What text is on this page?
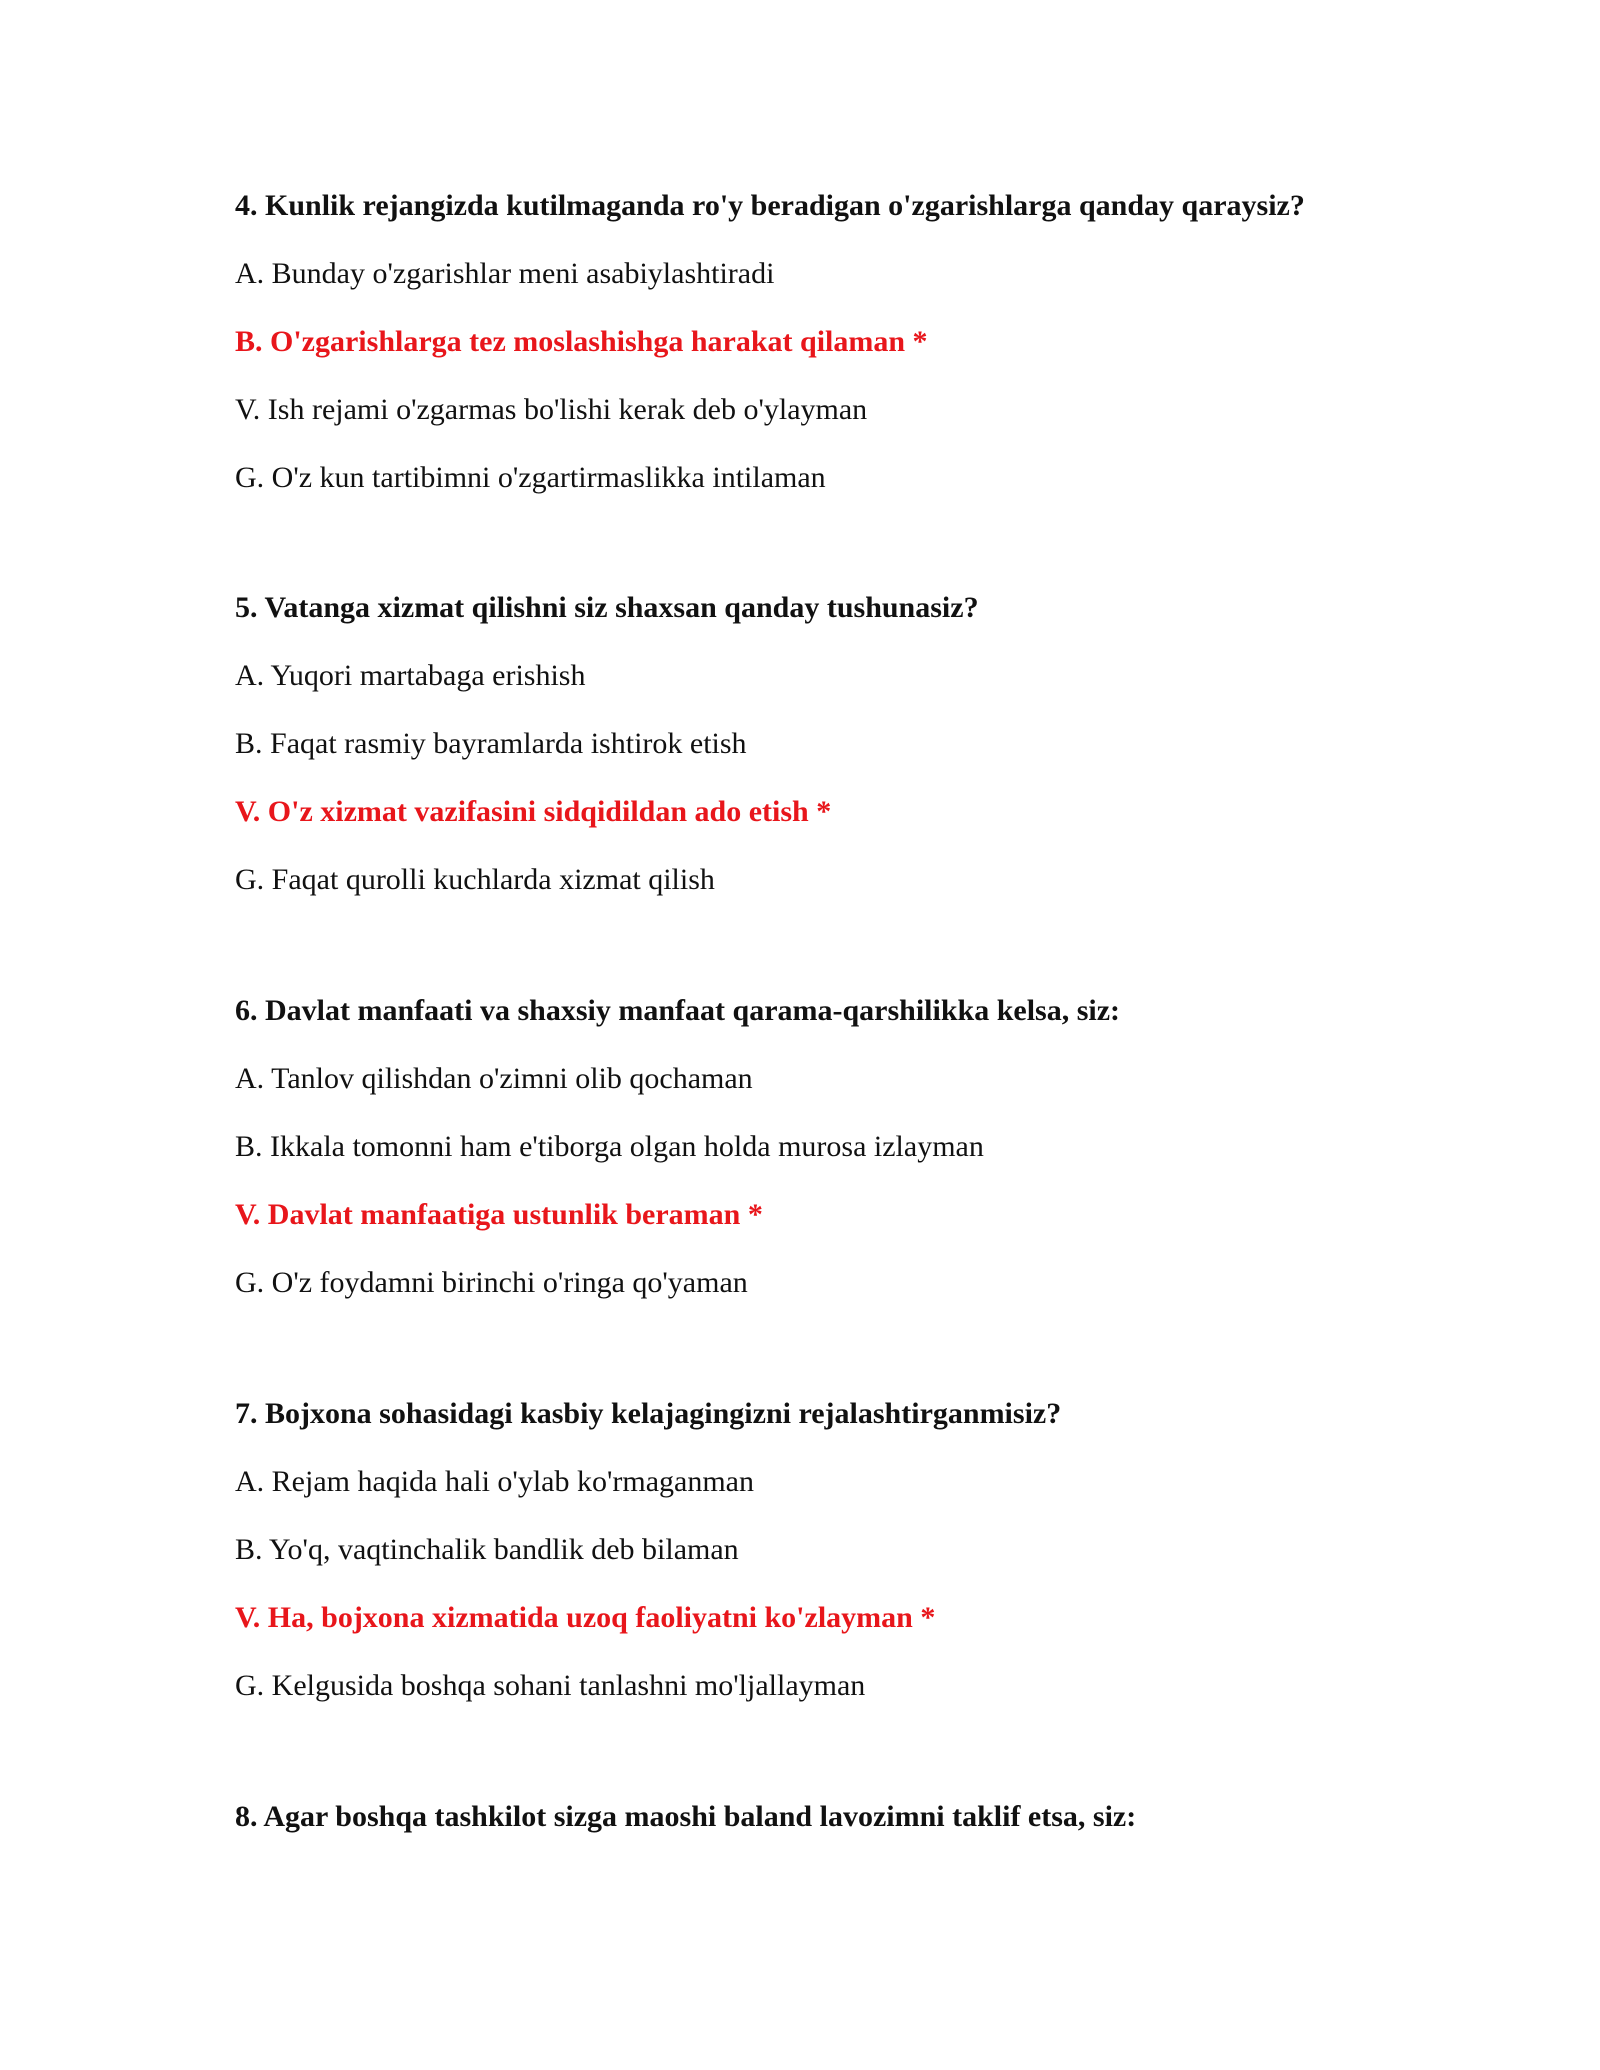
4. Kunlik rejangizda kutilmaganda ro'y beradigan o'zgarishlarga qanday qaraysiz?
A. Bunday o'zgarishlar meni asabiylashtiradi
B. O'zgarishlarga tez moslashishga harakat qilaman *
V. Ish rejami o'zgarmas bo'lishi kerak deb o'ylayman
G. O'z kun tartibimni o'zgartirmaslikka intilaman
5. Vatanga xizmat qilishni siz shaxsan qanday tushunasiz?
A. Yuqori martabaga erishish
B. Faqat rasmiy bayramlarda ishtirok etish
V. O'z xizmat vazifasini sidqidildan ado etish *
G. Faqat qurolli kuchlarda xizmat qilish
6. Davlat manfaati va shaxsiy manfaat qarama-qarshilikka kelsa, siz:
A. Tanlov qilishdan o'zimni olib qochaman
B. Ikkala tomonni ham e'tiborga olgan holda murosa izlayman
V. Davlat manfaatiga ustunlik beraman *
G. O'z foydamni birinchi o'ringa qo'yaman
7. Bojxona sohasidagi kasbiy kelajagingizni rejalashtirganmisiz?
A. Rejam haqida hali o'ylab ko'rmaganman
B. Yo'q, vaqtinchalik bandlik deb bilaman
V. Ha, bojxona xizmatida uzoq faoliyatni ko'zlayman *
G. Kelgusida boshqa sohani tanlashni mo'ljallayman
8. Agar boshqa tashkilot sizga maoshi baland lavozimni taklif etsa, siz:
